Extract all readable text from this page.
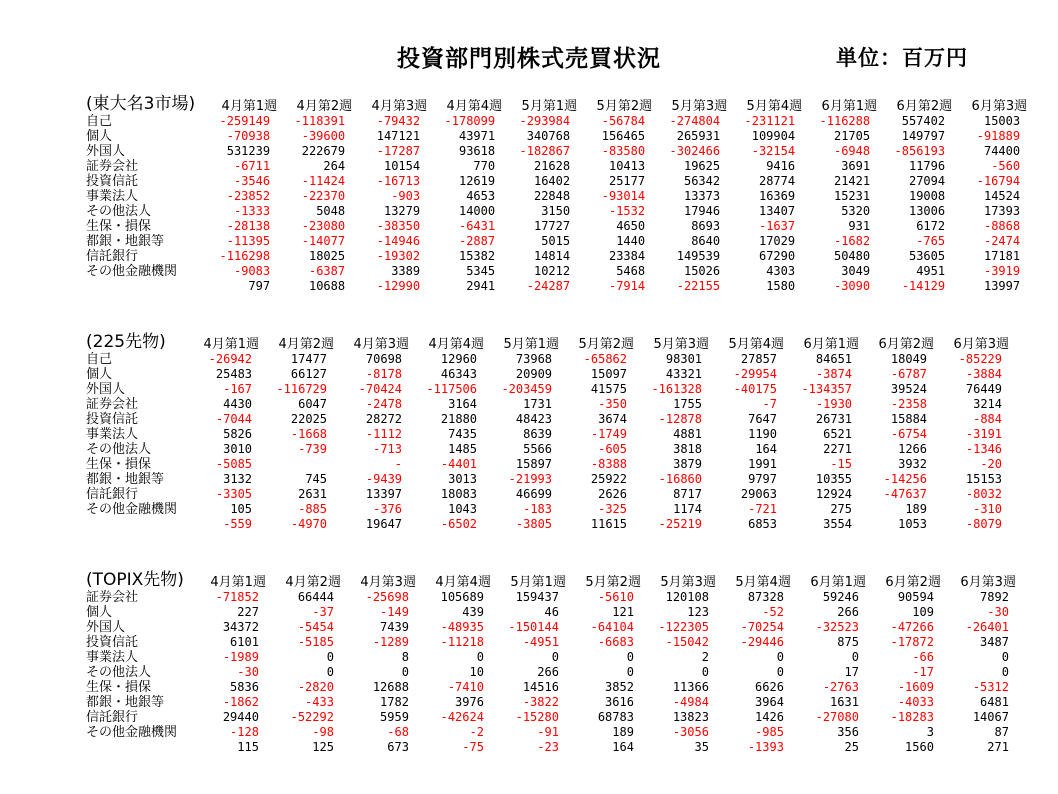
投資部門別株式売買状況	単位：百万円
(東大名3市場)	4月第1週	4月第2週	4月第3週	4月第4週	5月第1週	5月第2週	5月第3週	5月第4週	6月第1週	6月第2週	6月第3週
自己	-259149	-118391	-79432	-178099	-293984	-56784	-274804	-231121	-116288	557402	15003
個人	-70938	-39600	147121	43971	340768	156465	265931	109904	21705	149797	-91889
外国人	531239	222679	-17287	93618	-182867	-83580	-302466	-32154	-6948	-856193	74400
証券会社	-6711	264	10154	770	21628	10413	19625	9416	3691	11796	-560
投資信託	-3546	-11424	-16713	12619	16402	25177	56342	28774	21421	27094	-16794
事業法人	-23852	-22370	-903	4653	22848	-93014	13373	16369	15231	19008	14524
その他法人	-1333	5048	13279	14000	3150	-1532	17946	13407	5320	13006	17393
生保・損保	-28138	-23080	-38350	-6431	17727	4650	8693	-1637	931	6172	-8868
都銀・地銀等	-11395	-14077	-14946	-2887	5015	1440	8640	17029	-1682	-765	-2474
信託銀行	-116298	18025	-19302	15382	14814	23384	149539	67290	50480	53605	17181
その他金融機関	-9083	-6387	3389	5345	10212	5468	15026	4303	3049	4951	-3919
	797	10688	-12990	2941	-24287	-7914	-22155	1580	-3090	-14129	13997
(225先物)	4月第1週	4月第2週	4月第3週	4月第4週	5月第1週	5月第2週	5月第3週	5月第4週	6月第1週	6月第2週	6月第3週
自己	-26942	17477	70698	12960	73968	-65862	98301	27857	84651	18049	-85229
個人	25483	66127	-8178	46343	20909	15097	43321	-29954	-3874	-6787	-3884
外国人	-167	-116729	-70424	-117506	-203459	41575	-161328	-40175	-134357	39524	76449
証券会社	4430	6047	-2478	3164	1731	-350	1755	-7	-1930	-2358	3214
投資信託	-7044	22025	28272	21880	48423	3674	-12878	7647	26731	15884	-884
事業法人	5826	-1668	-1112	7435	8639	-1749	4881	1190	6521	-6754	-3191
その他法人	3010	-739	-713	1485	5566	-605	3818	164	2271	1266	-1346
生保・損保	-5085		-	-4401	15897	-8388	3879	1991	-15	3932	-20
都銀・地銀等	3132	745	-9439	3013	-21993	25922	-16860	9797	10355	-14256	15153
信託銀行	-3305	2631	13397	18083	46699	2626	8717	29063	12924	-47637	-8032
その他金融機関	105	-885	-376	1043	-183	-325	1174	-721	275	189	-310
	-559	-4970	19647	-6502	-3805	11615	-25219	6853	3554	1053	-8079
(TOPIX先物)	4月第1週	4月第2週	4月第3週	4月第4週	5月第1週	5月第2週	5月第3週	5月第4週	6月第1週	6月第2週	6月第3週
証券会社	-71852	66444	-25698	105689	159437	-5610	120108	87328	59246	90594	7892
個人	227	-37	-149	439	46	121	123	-52	266	109	-30
外国人	34372	-5454	7439	-48935	-150144	-64104	-122305	-70254	-32523	-47266	-26401
投資信託	6101	-5185	-1289	-11218	-4951	-6683	-15042	-29446	875	-17872	3487
事業法人	-1989	0	8	0	0	0	2	0	0	-66	0
その他法人	-30	0	0	10	266	0	0	0	17	-17	0
生保・損保	5836	-2820	12688	-7410	14516	3852	11366	6626	-2763	-1609	-5312
都銀・地銀等	-1862	-433	1782	3976	-3822	3616	-4984	3964	1631	-4033	6481
信託銀行	29440	-52292	5959	-42624	-15280	68783	13823	1426	-27080	-18283	14067
その他金融機関	-128	-98	-68	-2	-91	189	-3056	-985	356	3	87
	115	125	673	-75	-23	164	35	-1393	25	1560	271
